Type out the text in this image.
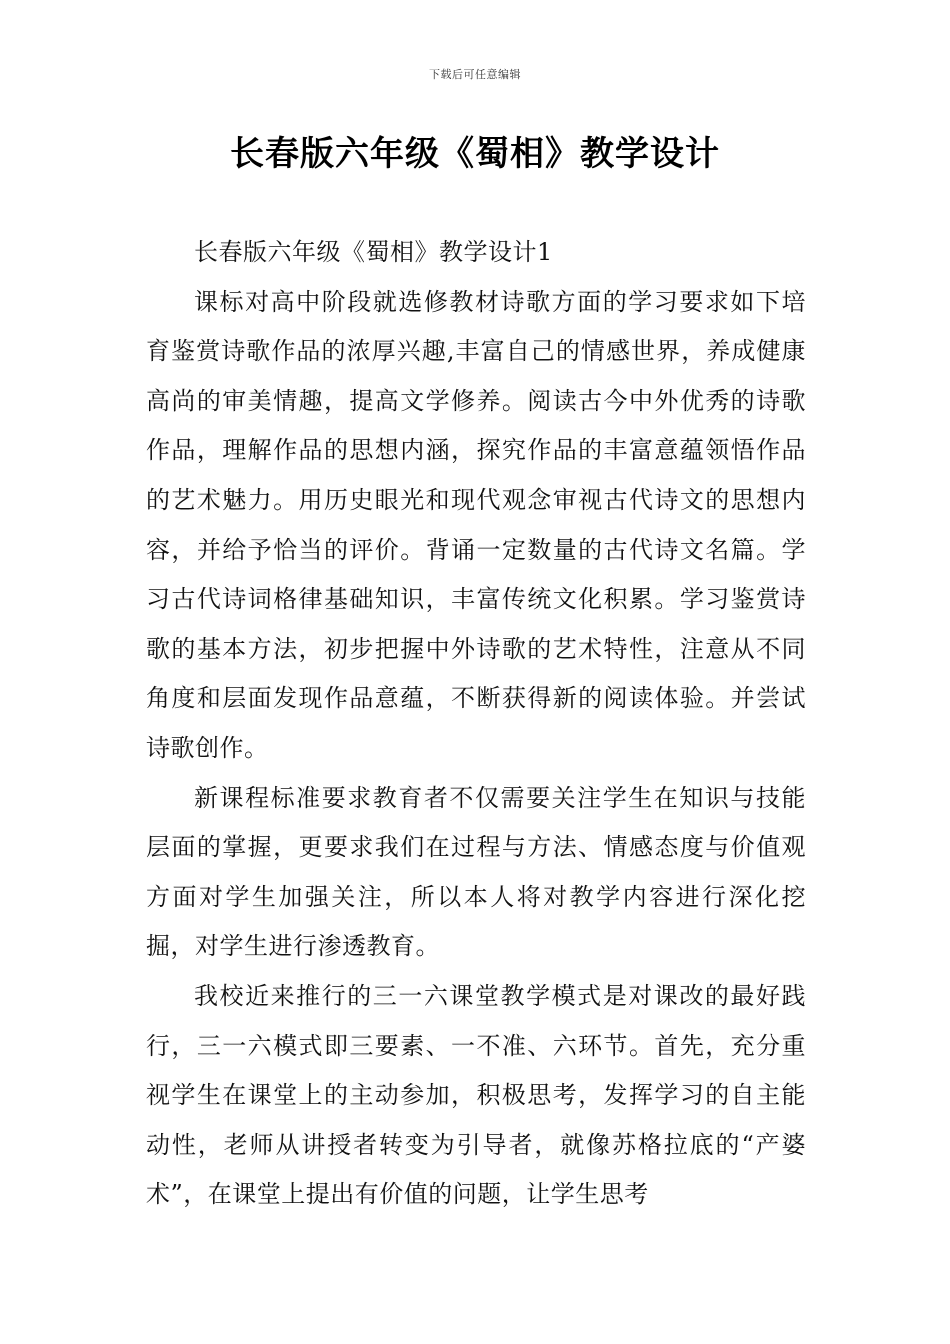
下载后可任意编辑
长春版六年级《蜀相》教学设计

长春版六年级《蜀相》教学设计1

课标对高中阶段就选修教材诗歌方面的学习要求如下培育鉴赏诗歌作品的浓厚兴趣,丰富自己的情感世界，养成健康高尚的审美情趣，提高文学修养。阅读古今中外优秀的诗歌作品，理解作品的思想内涵，探究作品的丰富意蕴领悟作品的艺术魅力。用历史眼光和现代观念审视古代诗文的思想内容，并给予恰当的评价。背诵一定数量的古代诗文名篇。学习古代诗词格律基础知识，丰富传统文化积累。学习鉴赏诗歌的基本方法，初步把握中外诗歌的艺术特性，注意从不同角度和层面发现作品意蕴，不断获得新的阅读体验。并尝试诗歌创作。

新课程标准要求教育者不仅需要关注学生在知识与技能层面的掌握，更要求我们在过程与方法、情感态度与价值观方面对学生加强关注，所以本人将对教学内容进行深化挖掘，对学生进行渗透教育。

我校近来推行的三一六课堂教学模式是对课改的最好践行，三一六模式即三要素、一不准、六环节。首先，充分重视学生在课堂上的主动参加，积极思考，发挥学习的自主能动性，老师从讲授者转变为引导者，就像苏格拉底的“产婆术”，在课堂上提出有价值的问题，让学生思考
